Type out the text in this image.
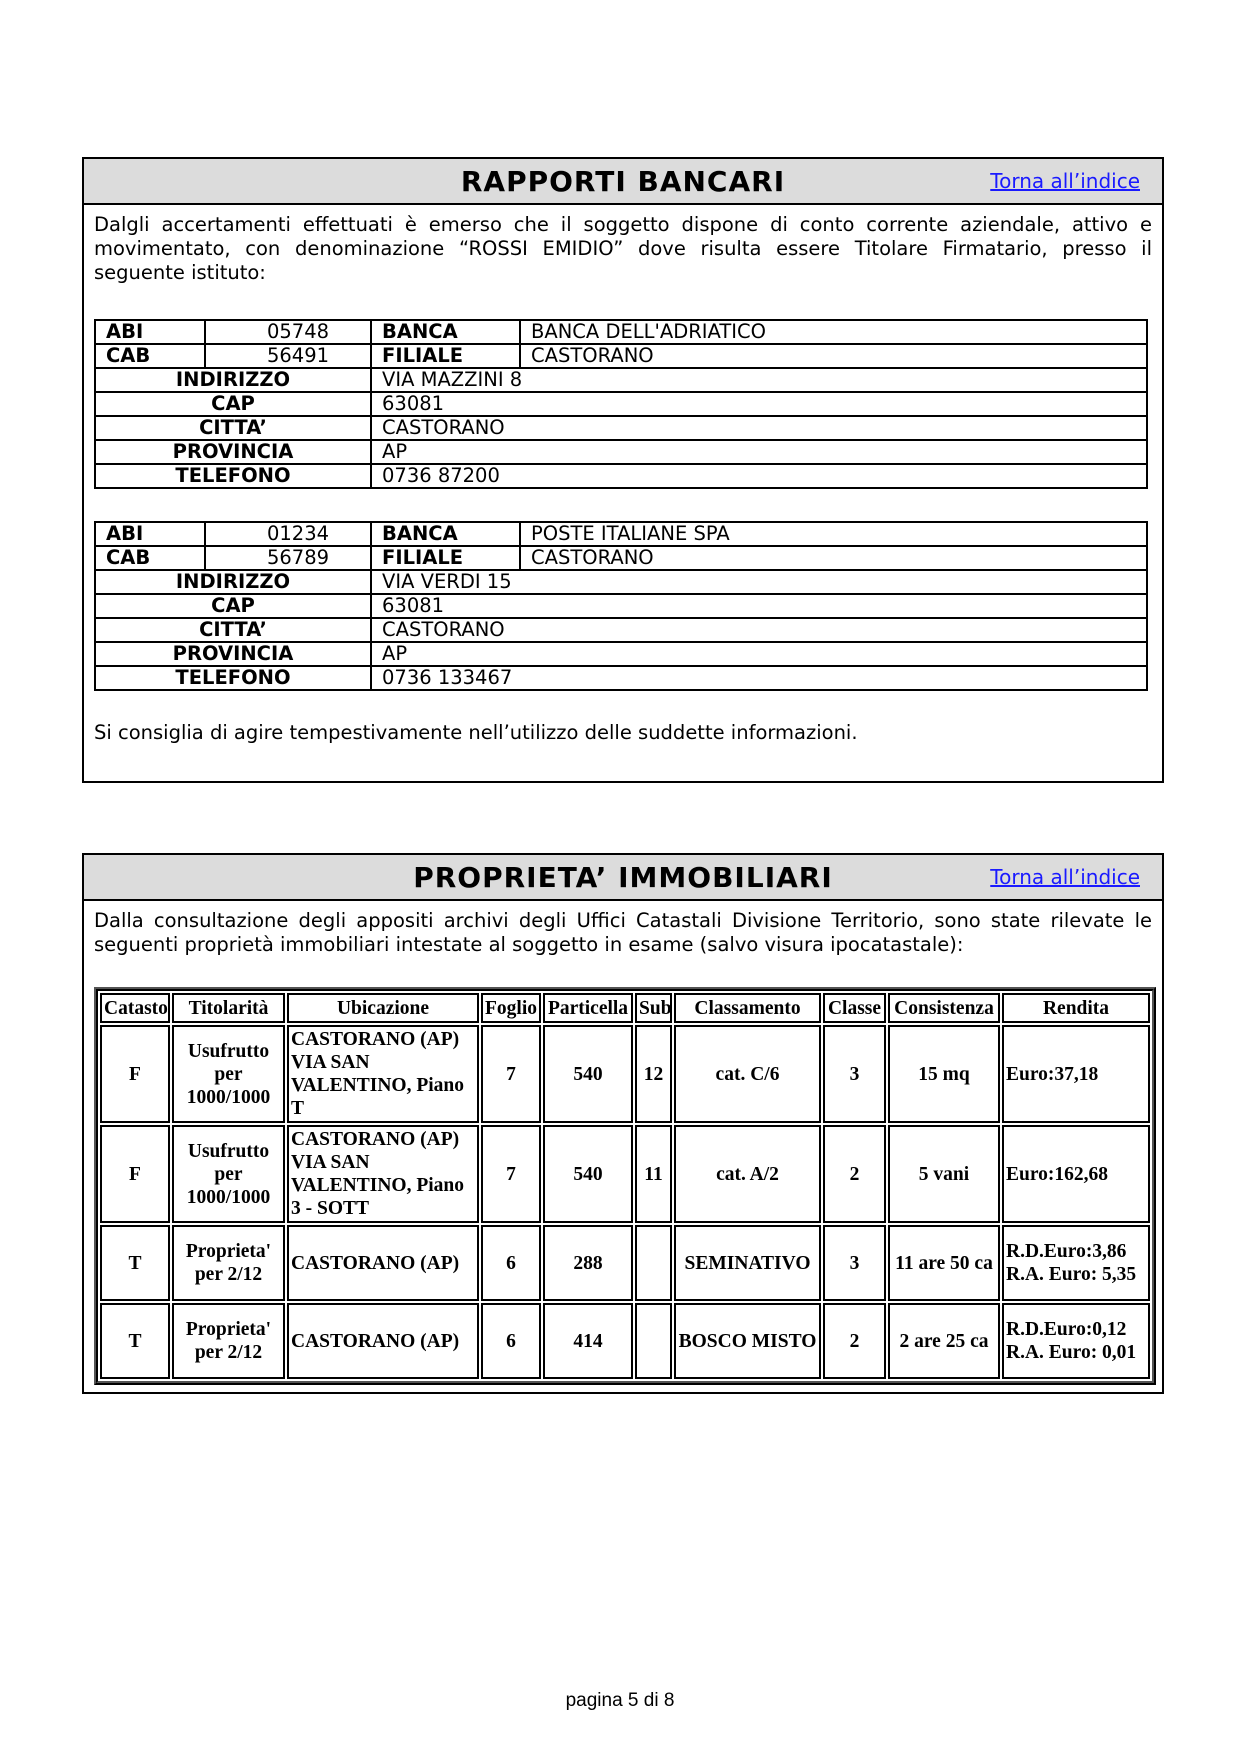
RAPPORTI BANCARI	Torna all’indice
Dalgli accertamenti effettuati è emerso che il soggetto dispone di conto corrente aziendale, attivo e movimentato, con denominazione “ROSSI EMIDIO” dove risulta essere Titolare Firmatario, presso il seguente istituto:
ABI	05748	BANCA	BANCA DELL'ADRIATICO
CAB	56491	FILIALE	CASTORANO
INDIRIZZO		VIA MAZZINI 8	
CAP		63081	
CITTA’		CASTORANO	
PROVINCIA		AP	
TELEFONO		0736 87200	
ABI	01234	BANCA	POSTE ITALIANE SPA
CAB	56789	FILIALE	CASTORANO
INDIRIZZO		VIA VERDI 15	
CAP		63081	
CITTA’		CASTORANO	
PROVINCIA		AP	
TELEFONO		0736 133467	
Si consiglia di agire tempestivamente nell’utilizzo delle suddette informazioni.
PROPRIETA’ IMMOBILIARI	Torna all’indice
Dalla consultazione degli appositi archivi degli Uffici Catastali Divisione Territorio, sono state rilevate le seguenti proprietà immobiliari intestate al soggetto in esame (salvo visura ipocatastale):
Catasto	Titolarità	Ubicazione	Foglio	Particella	Sub	Classamento	Classe	Consistenza	Rendita
F	Usufrutto per 1000/1000	CASTORANO (AP) VIA SAN VALENTINO, Piano T	7	540	12	cat. C/6	3	15 mq	Euro:37,18
F	Usufrutto per 1000/1000	CASTORANO (AP) VIA SAN VALENTINO, Piano 3 - SOTT	7	540	11	cat. A/2	2	5 vani	Euro:162,68
T	Proprieta' per 2/12	CASTORANO (AP)	6	288		SEMINATIVO	3	11 are 50 ca	R.D.Euro:3,86 R.A. Euro: 5,35
T	Proprieta' per 2/12	CASTORANO (AP)	6	414		BOSCO MISTO	2	2 are 25 ca	R.D.Euro:0,12 R.A. Euro: 0,01
pagina 5 di 8
